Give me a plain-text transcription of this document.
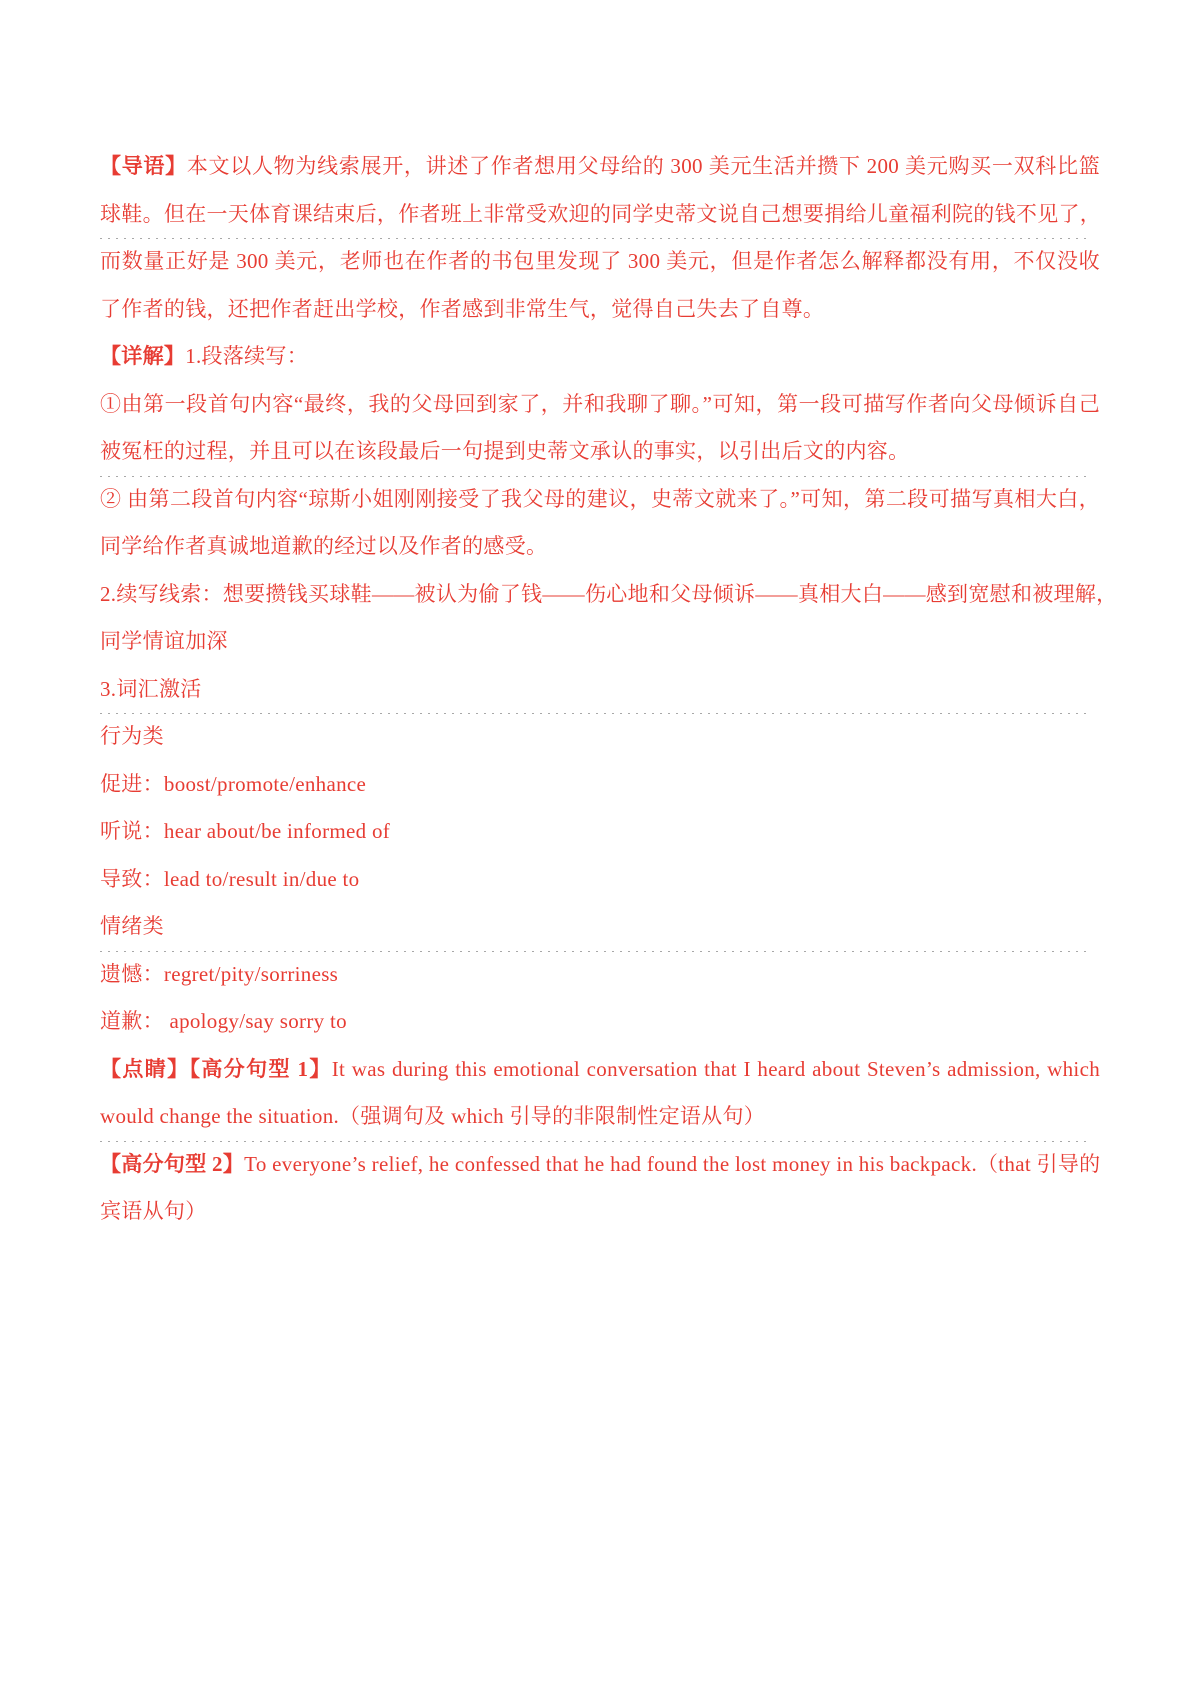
【导语】本文以人物为线索展开，讲述了作者想用父母给的 300 美元生活并攒下 200 美元购买一双科比篮
球鞋。但在一天体育课结束后，作者班上非常受欢迎的同学史蒂文说自己想要捐给儿童福利院的钱不见了，
而数量正好是 300 美元，老师也在作者的书包里发现了 300 美元，但是作者怎么解释都没有用，不仅没收
了作者的钱，还把作者赶出学校，作者感到非常生气，觉得自己失去了自尊。
【详解】1.段落续写：
①由第一段首句内容“最终，我的父母回到家了，并和我聊了聊。”可知，第一段可描写作者向父母倾诉自己
被冤枉的过程，并且可以在该段最后一句提到史蒂文承认的事实，以引出后文的内容。
② 由第二段首句内容“琼斯小姐刚刚接受了我父母的建议，史蒂文就来了。”可知，第二段可描写真相大白，
同学给作者真诚地道歉的经过以及作者的感受。
2.续写线索：想要攒钱买球鞋——被认为偷了钱——伤心地和父母倾诉——真相大白——感到宽慰和被理解，
同学情谊加深
3.词汇激活
行为类
促进：boost/promote/enhance
听说：hear about/be informed of
导致：lead to/result in/due to
情绪类
遗憾：regret/pity/sorriness
道歉： apology/say sorry to
【点睛】【高分句型 1】It was during this emotional conversation that I heard about Steven’s admission, which
would change the situation.（强调句及 which 引导的非限制性定语从句）
【高分句型 2】To everyone’s relief, he confessed that he had found the lost money in his backpack.（that 引导的
宾语从句）
